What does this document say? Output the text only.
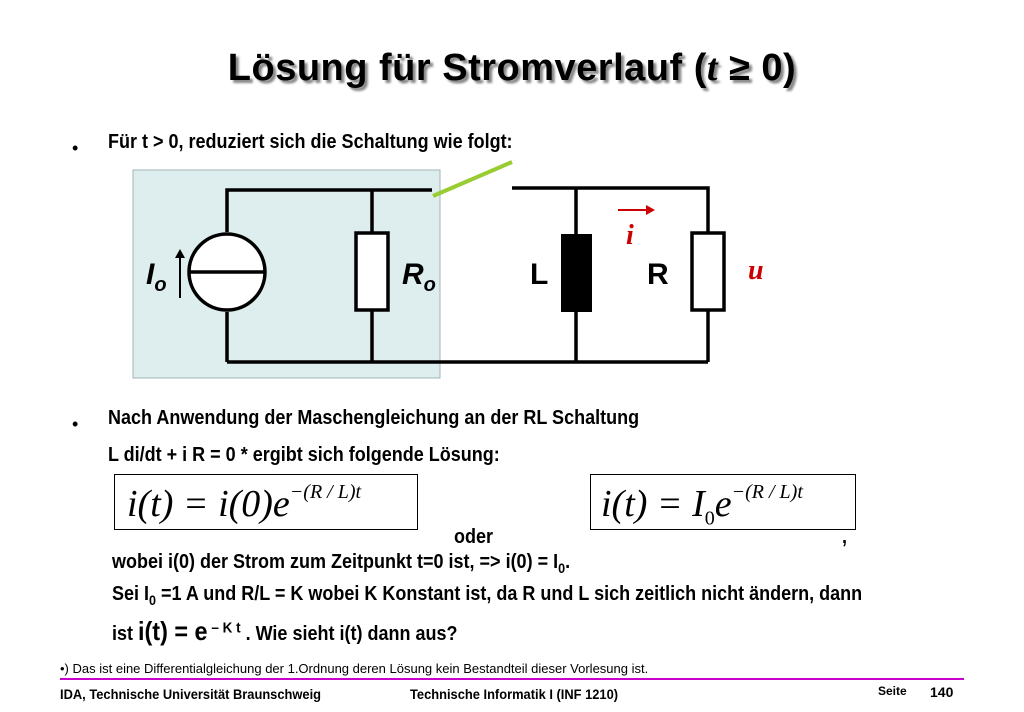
Lösung für Stromverlauf (t ≥ 0)
• Für t > 0, reduziert sich die Schaltung wie folgt:
$I_o$	$R_o$	L	R
i
u
• Nach Anwendung der Maschengleichung an der RL Schaltung
L di/dt + i R = 0 * ergibt sich folgende Lösung:
$i(t) = i(0)e^{-(R / L)t}$	$i(t) = I_0e^{-(R / L)t}$
oder	,
wobei i(0) der Strom zum Zeitpunkt t=0 ist, => $i(0) = I_0$.
Sei $I_0 =1$ A und R/L = K wobei K Konstant ist, da R und L sich zeitlich nicht ändern, dann
ist i(t) = e $^{- K t}$ . Wie sieht i(t) dann aus?
•) Das ist eine Differentialgleichung der 1.Ordnung deren Lösung kein Bestandteil dieser Vorlesung ist.
IDA, Technische Universität Braunschweig	Technische Informatik I (INF 1210)	Seite 140
